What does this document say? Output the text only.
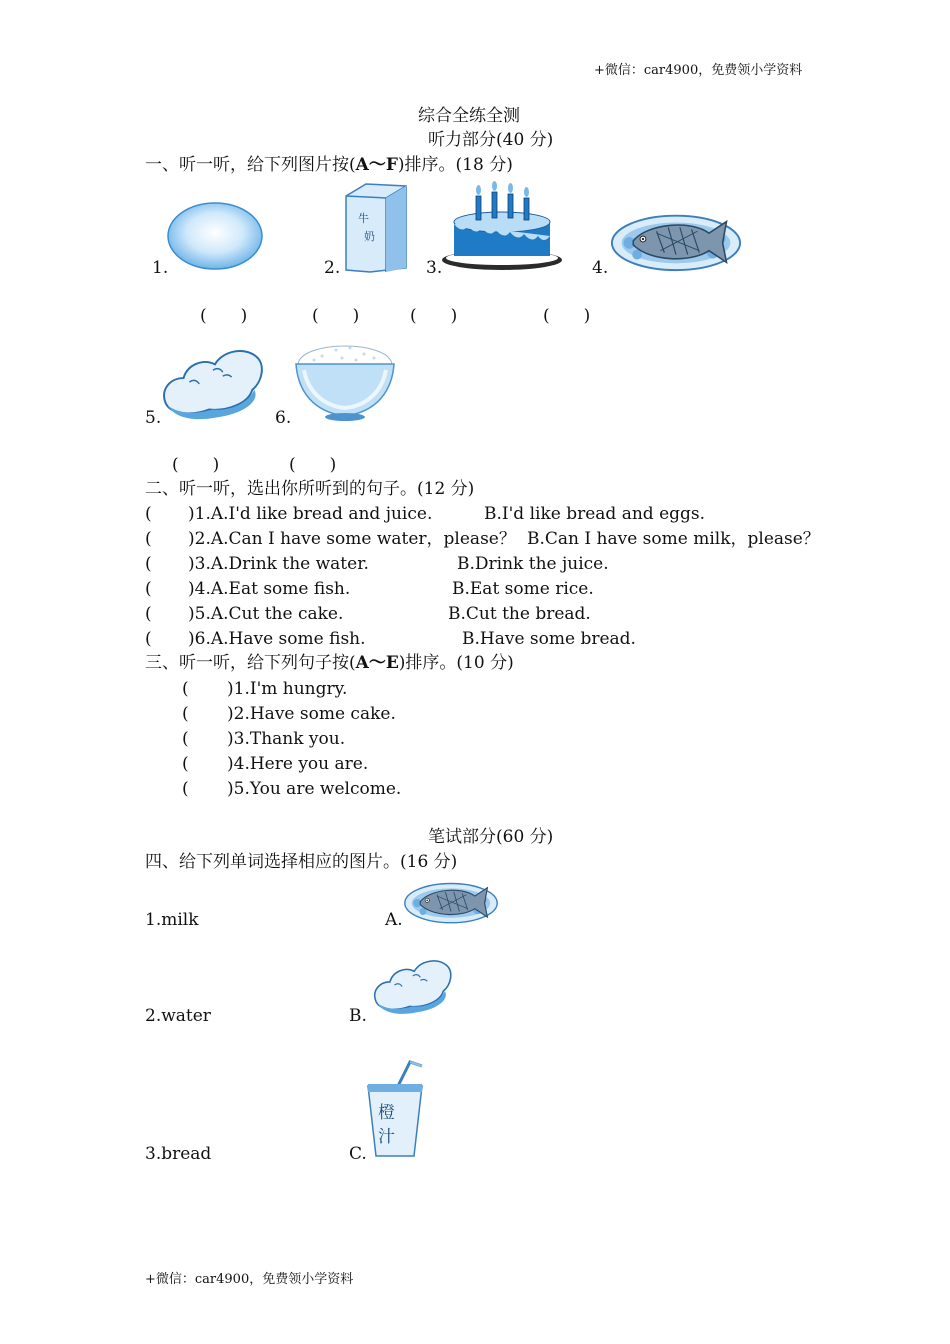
+微信：car4900，免费领小学资料
综合全练全测
听力部分(40 分)
一、听一听，给下列图片按(A～F)排序。(18 分)
1.	2.
牛
奶
3.	4.
(　　)	(　　)	(　　)	(　　)
5.	6.
(　　)	(　　)
二、听一听，选出你所听到的句子。(12 分)
( )1.A.I'd like bread and juice.	B.I'd like bread and eggs.
( )2.A.Can I have some water，please？ B.Can I have some milk，please？
( )3.A.Drink the water.	B.Drink the juice.
( )4.A.Eat some fish.	B.Eat some rice.
( )5.A.Cut the cake.	B.Cut the bread.
( )6.A.Have some fish.	B.Have some bread.
三、听一听，给下列句子按(A～E)排序。(10 分)
( )1.I'm hungry.
( )2.Have some cake.
( )3.Thank you.
( )4.Here you are.
( )5.You are welcome.
笔试部分(60 分)
四、给下列单词选择相应的图片。(16 分)
1.milk	A.
2.water	B.
3.bread	C.
橙
汁
+微信：car4900，免费领小学资料
